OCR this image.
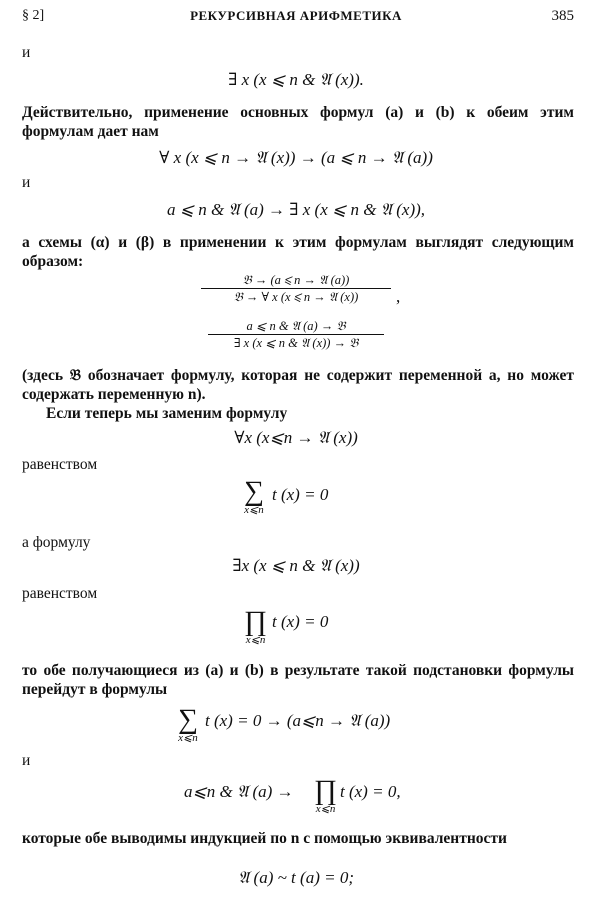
§ 2]	РЕКУРСИВНАЯ АРИФМЕТИКА	385
и
∃ x (x ⩽ n & 𝔄 (x)).
Действительно, применение основных формул (a) и (b) к обеим этим формулам дает нам
∀ x (x ⩽ n → 𝔄 (x)) → (a ⩽ n → 𝔄 (a))
и
a ⩽ n & 𝔄 (a) → ∃ x (x ⩽ n & 𝔄 (x)),
а схемы (α) и (β) в применении к этим формулам выглядят следующим образом:
𝔅 → (a ⩽ n → 𝔄 (a))
𝔅 → ∀ x (x ⩽ n → 𝔄 (x))	,
a ⩽ n & 𝔄 (a) → 𝔅
∃ x (x ⩽ n & 𝔄 (x)) → 𝔅
(здесь 𝔅 обозначает формулу, которая не содержит переменной a, но может содержать переменную n).
Если теперь мы заменим формулу
∀x (x⩽n → 𝔄 (x))
равенством
∑
x⩽n
t (x) = 0
а формулу
∃x (x ⩽ n & 𝔄 (x))
равенством
∏
x⩽n
t (x) = 0
то обе получающиеся из (a) и (b) в результате такой подстановки формулы перейдут в формулы
∑
x⩽n
t (x) = 0 → (a⩽n → 𝔄 (a))
и
a⩽n & 𝔄 (a) → ∏
x⩽n
t (x) = 0,
которые обе выводимы индукцией по n с помощью эквивалентности
𝔄 (a) ~ t (a) = 0;
